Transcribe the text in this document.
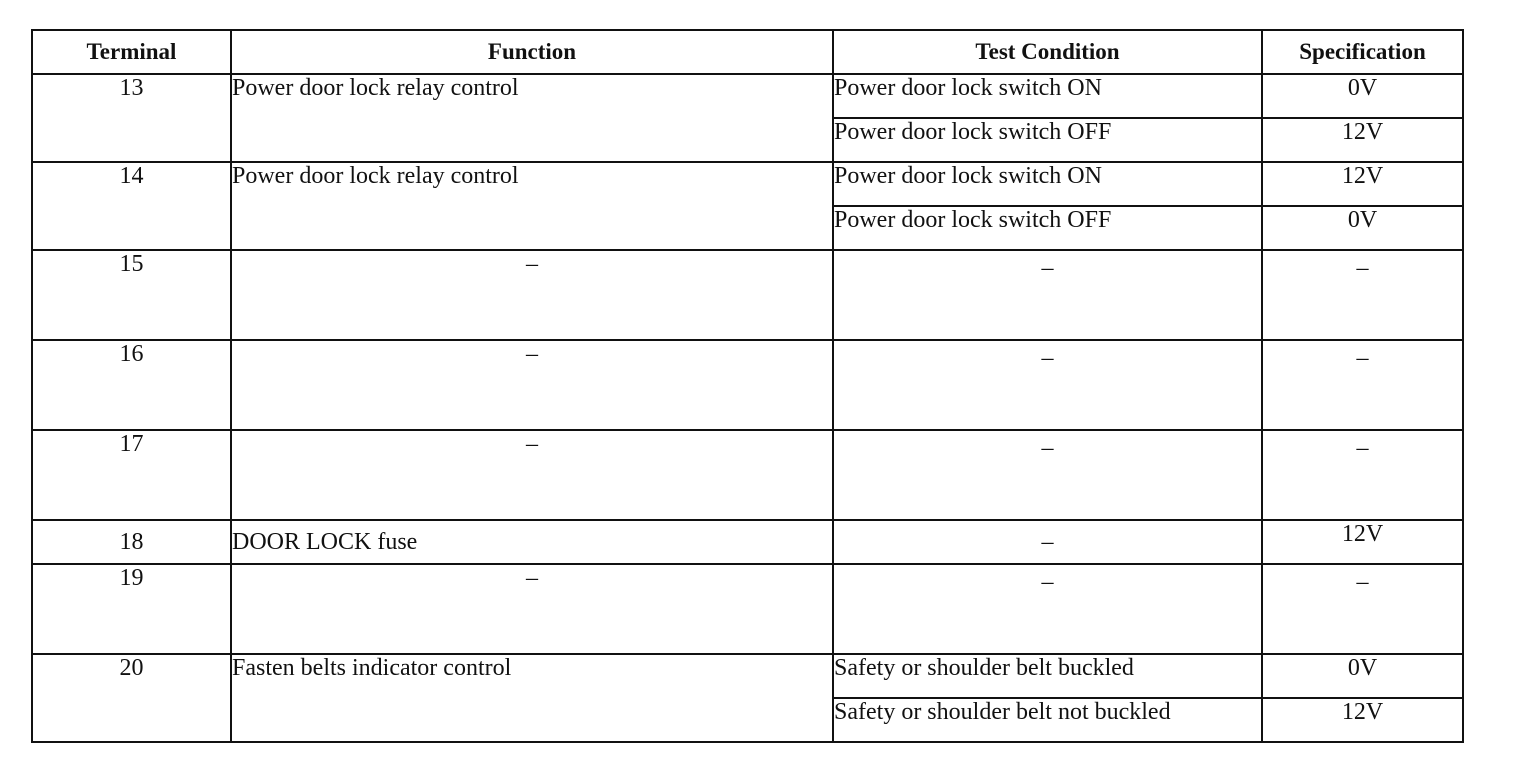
Terminal	Function	Test Condition	Specification
13	Power door lock relay control	Power door lock switch ON	0V
		Power door lock switch OFF	12V
14	Power door lock relay control	Power door lock switch ON	12V
		Power door lock switch OFF	0V
15	–	–	–
16	–	–	–
17	–	–	–
18	DOOR LOCK fuse	–	12V
19	–	–	–
20	Fasten belts indicator control	Safety or shoulder belt buckled	0V
		Safety or shoulder belt not buckled	12V
